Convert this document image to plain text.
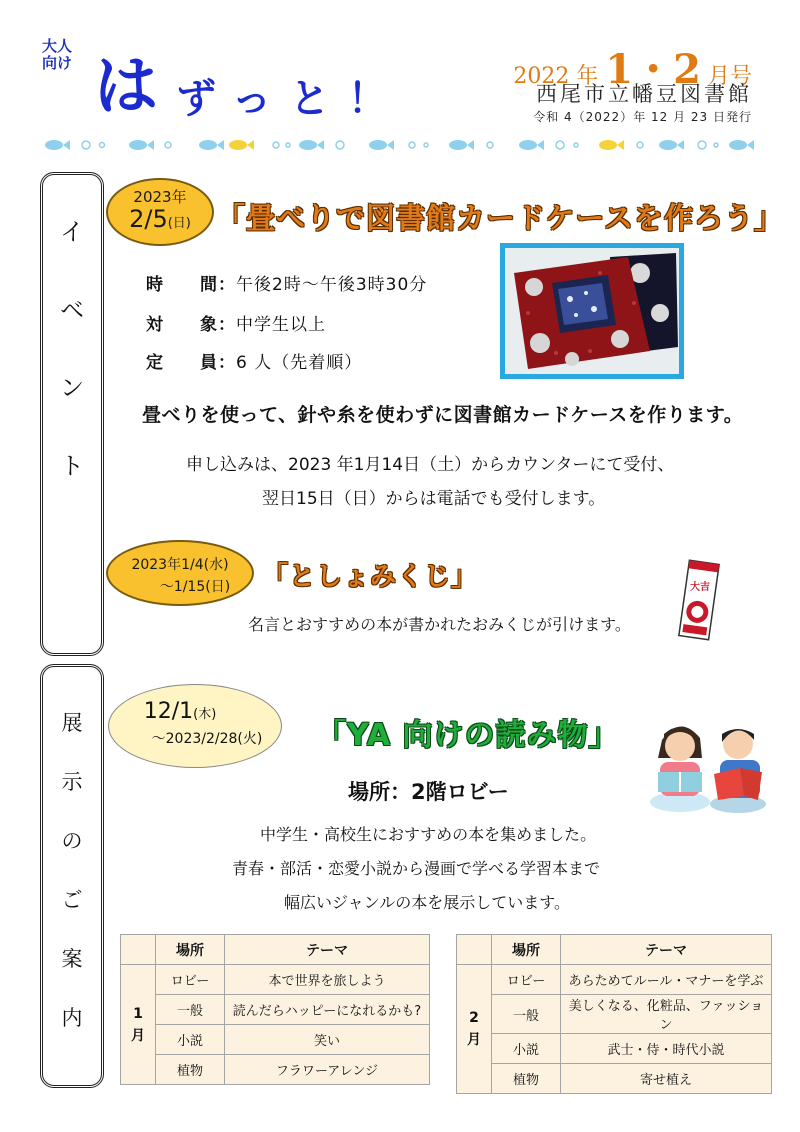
大人向け は ずっと！	2022 年 1・2 月号
西尾市立幡豆図書館
令和 4（2022）年 12 月 23 日発行
イ
ベ
ン
ト
展
示
の
ご
案
内
2023年
2/5(日) 「畳べりで図書館カードケースを作ろう」
時　　間：午後2時～午後3時30分
対　　象：中学生以上
定　　員：6 人（先着順）
畳べりを使って、針や糸を使わずに図書館カードケースを作ります。
申し込みは、2023 年1月14日（土）からカウンターにて受付、
翌日15日（日）からは電話でも受付します。
2023年1/4(水)
～1/15(日)	「としょみくじ」
名言とおすすめの本が書かれたおみくじが引けます。
大吉
12/1(木)
～2023/2/28(火)	「YA 向けの読み物」
場所：2階ロビー
中学生・高校生におすすめの本を集めました。
青春・部活・恋愛小説から漫画で学べる学習本まで
幅広いジャンルの本を展示しています。
	場所	テーマ

1
月	ロビー	本で世界を旅しよう
	一般	読んだらハッピーになれるかも?
	小説	笑い
	植物	フラワーアレンジ
	場所	テーマ

2
月	ロビー	あらためてルール・マナーを学ぶ
	一般	美しくなる、化粧品、ファッション
	小説	武士・侍・時代小説
	植物	寄せ植え
